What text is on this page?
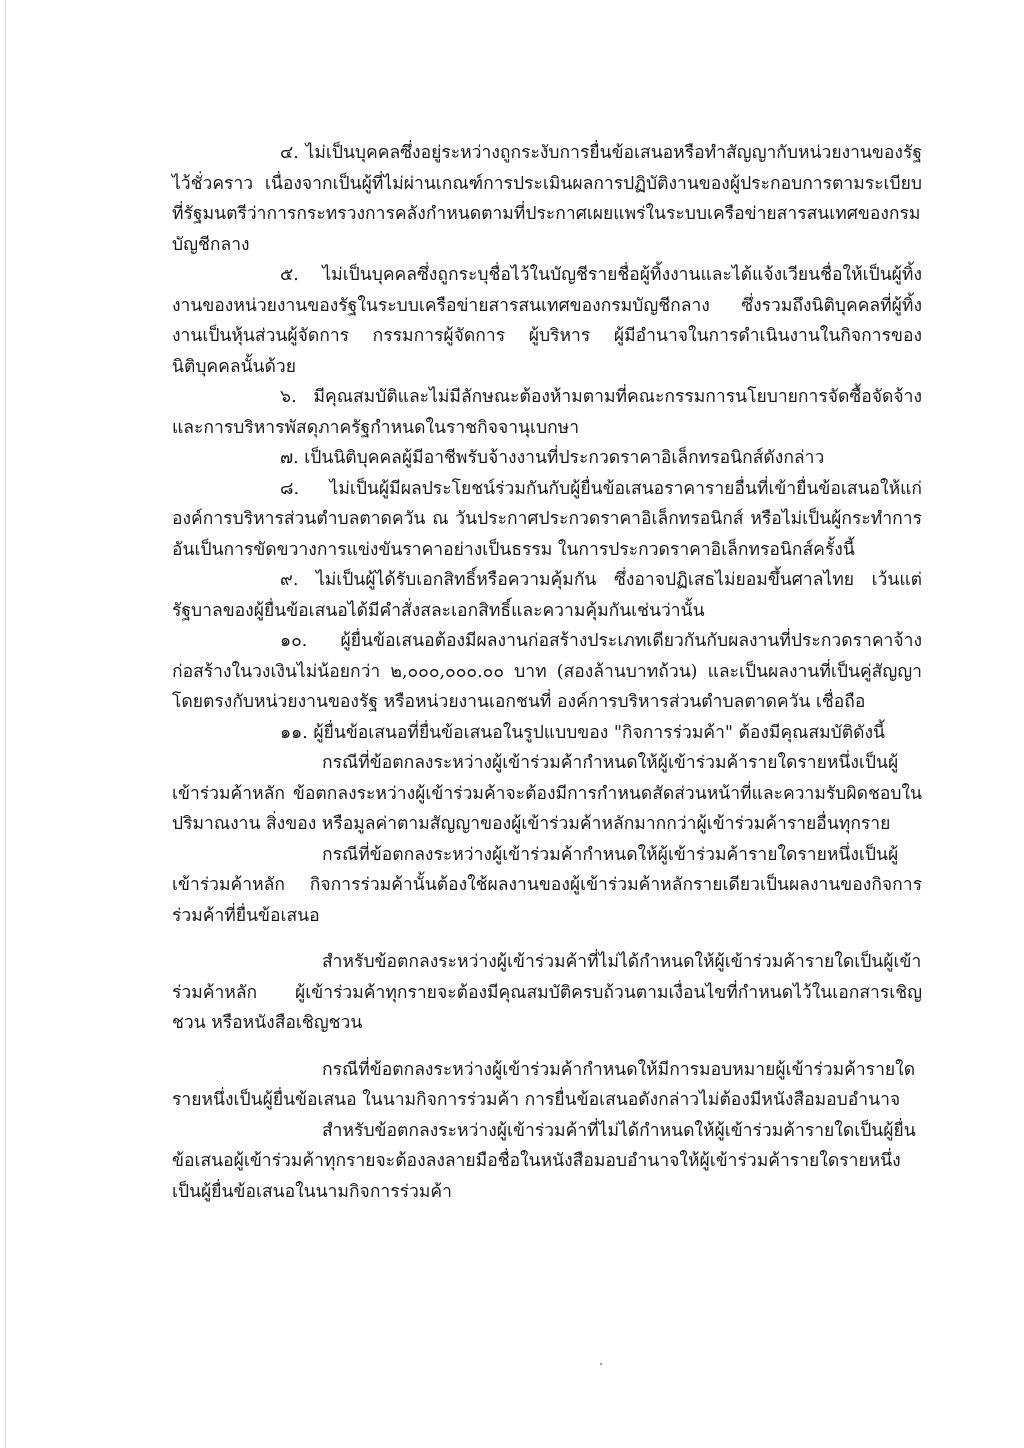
๔. ไม่เป็นบุคคลซึ่งอยู่ระหว่างถูกระงับการยื่นข้อเสนอหรือทำสัญญากับหน่วยงานของรัฐไว้ชั่วคราว เนื่องจากเป็นผู้ที่ไม่ผ่านเกณฑ์การประเมินผลการปฏิบัติงานของผู้ประกอบการตามระเบียบ ที่รัฐมนตรีว่าการกระทรวงการคลังกำหนดตามที่ประกาศเผยแพร่ในระบบเครือข่ายสารสนเทศของกรมบัญชีกลาง

๕. ไม่เป็นบุคคลซึ่งถูกระบุชื่อไว้ในบัญชีรายชื่อผู้ทิ้งงานและได้แจ้งเวียนชื่อให้เป็นผู้ทิ้งงานของหน่วยงานของรัฐในระบบเครือข่ายสารสนเทศของกรมบัญชีกลาง ซึ่งรวมถึงนิติบุคคลที่ผู้ทิ้งงานเป็นหุ้นส่วนผู้จัดการ กรรมการผู้จัดการ ผู้บริหาร ผู้มีอำนาจในการดำเนินงานในกิจการของนิติบุคคลนั้นด้วย

๖. มีคุณสมบัติและไม่มีลักษณะต้องห้ามตามที่คณะกรรมการนโยบายการจัดซื้อจัดจ้างและการบริหารพัสดุภาครัฐกำหนดในราชกิจจานุเบกษา

๗. เป็นนิติบุคคลผู้มีอาชีพรับจ้างงานที่ประกวดราคาอิเล็กทรอนิกส์ดังกล่าว

๘. ไม่เป็นผู้มีผลประโยชน์ร่วมกันกับผู้ยื่นข้อเสนอราคารายอื่นที่เข้ายื่นข้อเสนอให้แก่องค์การบริหารส่วนตำบลตาดควัน ณ วันประกาศประกวดราคาอิเล็กทรอนิกส์ หรือไม่เป็นผู้กระทำการอันเป็นการขัดขวางการแข่งขันราคาอย่างเป็นธรรม ในการประกวดราคาอิเล็กทรอนิกส์ครั้งนี้

๙. ไม่เป็นผู้ได้รับเอกสิทธิ์หรือความคุ้มกัน ซึ่งอาจปฏิเสธไม่ยอมขึ้นศาลไทย เว้นแต่รัฐบาลของผู้ยื่นข้อเสนอได้มีคำสั่งสละเอกสิทธิ์และความคุ้มกันเช่นว่านั้น

๑๐. ผู้ยื่นข้อเสนอต้องมีผลงานก่อสร้างประเภทเดียวกันกับผลงานที่ประกวดราคาจ้างก่อสร้างในวงเงินไม่น้อยกว่า ๒,๐๐๐,๐๐๐.๐๐ บาท (สองล้านบาทถ้วน) และเป็นผลงานที่เป็นคู่สัญญาโดยตรงกับหน่วยงานของรัฐ หรือหน่วยงานเอกชนที่ องค์การบริหารส่วนตำบลตาดควัน เชื่อถือ

๑๑. ผู้ยื่นข้อเสนอที่ยื่นข้อเสนอในรูปแบบของ "กิจการร่วมค้า" ต้องมีคุณสมบัติดังนี้

กรณีที่ข้อตกลงระหว่างผู้เข้าร่วมค้ากำหนดให้ผู้เข้าร่วมค้ารายใดรายหนึ่งเป็นผู้เข้าร่วมค้าหลัก ข้อตกลงระหว่างผู้เข้าร่วมค้าจะต้องมีการกำหนดสัดส่วนหน้าที่และความรับผิดชอบในปริมาณงาน สิ่งของ หรือมูลค่าตามสัญญาของผู้เข้าร่วมค้าหลักมากกว่าผู้เข้าร่วมค้ารายอื่นทุกราย

กรณีที่ข้อตกลงระหว่างผู้เข้าร่วมค้ากำหนดให้ผู้เข้าร่วมค้ารายใดรายหนึ่งเป็นผู้เข้าร่วมค้าหลัก กิจการร่วมค้านั้นต้องใช้ผลงานของผู้เข้าร่วมค้าหลักรายเดียวเป็นผลงานของกิจการร่วมค้าที่ยื่นข้อเสนอ

สำหรับข้อตกลงระหว่างผู้เข้าร่วมค้าที่ไม่ได้กำหนดให้ผู้เข้าร่วมค้ารายใดเป็นผู้เข้าร่วมค้าหลัก ผู้เข้าร่วมค้าทุกรายจะต้องมีคุณสมบัติครบถ้วนตามเงื่อนไขที่กำหนดไว้ในเอกสารเชิญชวน หรือหนังสือเชิญชวน

กรณีที่ข้อตกลงระหว่างผู้เข้าร่วมค้ากำหนดให้มีการมอบหมายผู้เข้าร่วมค้ารายใดรายหนึ่งเป็นผู้ยื่นข้อเสนอ ในนามกิจการร่วมค้า การยื่นข้อเสนอดังกล่าวไม่ต้องมีหนังสือมอบอำนาจ

สำหรับข้อตกลงระหว่างผู้เข้าร่วมค้าที่ไม่ได้กำหนดให้ผู้เข้าร่วมค้ารายใดเป็นผู้ยื่นข้อเสนอผู้เข้าร่วมค้าทุกรายจะต้องลงลายมือชื่อในหนังสือมอบอำนาจให้ผู้เข้าร่วมค้ารายใดรายหนึ่งเป็นผู้ยื่นข้อเสนอในนามกิจการร่วมค้า
